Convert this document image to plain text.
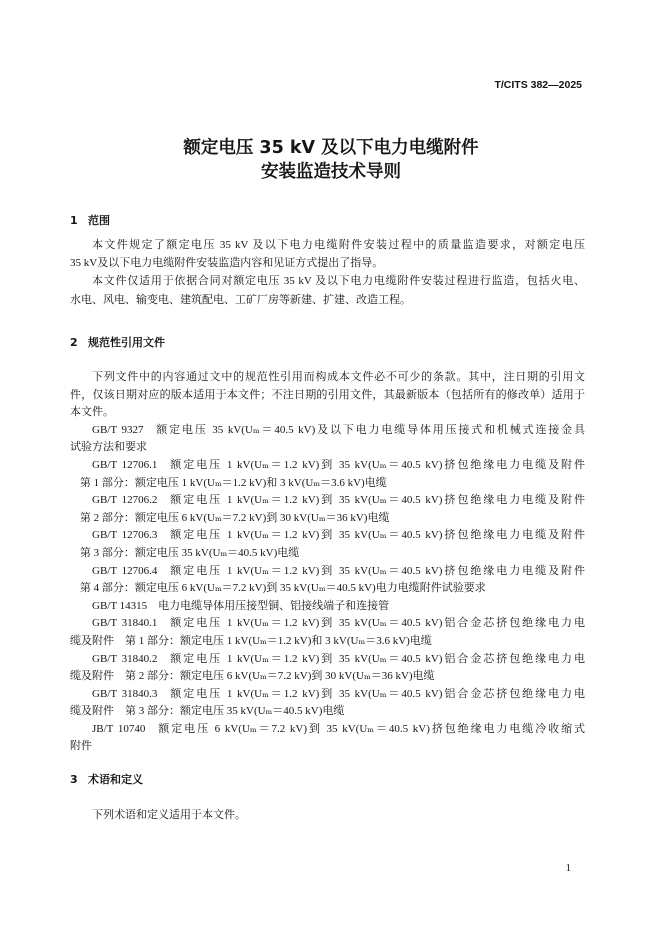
T/CITS 382—2025
额定电压 35 kV 及以下电力电缆附件
安装监造技术导则
1 范围
本文件规定了额定电压 35 kV 及以下电力电缆附件安装过程中的质量监造要求，对额定电压
35 kV及以下电力电缆附件安装监造内容和见证方式提出了指导。
本文件仅适用于依据合同对额定电压 35 kV 及以下电力电缆附件安装过程进行监造，包括火电、
水电、风电、输变电、建筑配电、工矿厂房等新建、扩建、改造工程。
2 规范性引用文件
下列文件中的内容通过文中的规范性引用而构成本文件必不可少的条款。其中，注日期的引用文
件，仅该日期对应的版本适用于本文件；不注日期的引用文件，其最新版本（包括所有的修改单）适用于
本文件。
GB/T 9327 额定电压 35 kV(Uₘ＝40.5 kV)及以下电力电缆导体用压接式和机械式连接金具
试验方法和要求
GB/T 12706.1 额定电压 1 kV(Uₘ＝1.2 kV)到 35 kV(Uₘ＝40.5 kV)挤包绝缘电力电缆及附件
第 1 部分：额定电压 1 kV(Uₘ＝1.2 kV)和 3 kV(Uₘ＝3.6 kV)电缆
GB/T 12706.2 额定电压 1 kV(Uₘ＝1.2 kV)到 35 kV(Uₘ＝40.5 kV)挤包绝缘电力电缆及附件
第 2 部分：额定电压 6 kV(Uₘ＝7.2 kV)到 30 kV(Uₘ＝36 kV)电缆
GB/T 12706.3 额定电压 1 kV(Uₘ＝1.2 kV)到 35 kV(Uₘ＝40.5 kV)挤包绝缘电力电缆及附件
第 3 部分：额定电压 35 kV(Uₘ＝40.5 kV)电缆
GB/T 12706.4 额定电压 1 kV(Uₘ＝1.2 kV)到 35 kV(Uₘ＝40.5 kV)挤包绝缘电力电缆及附件
第 4 部分：额定电压 6 kV(Uₘ＝7.2 kV)到 35 kV(Uₘ＝40.5 kV)电力电缆附件试验要求
GB/T 14315 电力电缆导体用压接型铜、铝接线端子和连接管
GB/T 31840.1 额定电压 1 kV(Uₘ＝1.2 kV)到 35 kV(Uₘ＝40.5 kV)铝合金芯挤包绝缘电力电
缆及附件　第 1 部分：额定电压 1 kV(Uₘ＝1.2 kV)和 3 kV(Uₘ＝3.6 kV)电缆
GB/T 31840.2 额定电压 1 kV(Uₘ＝1.2 kV)到 35 kV(Uₘ＝40.5 kV)铝合金芯挤包绝缘电力电
缆及附件　第 2 部分：额定电压 6 kV(Uₘ＝7.2 kV)到 30 kV(Uₘ＝36 kV)电缆
GB/T 31840.3 额定电压 1 kV(Uₘ＝1.2 kV)到 35 kV(Uₘ＝40.5 kV)铝合金芯挤包绝缘电力电
缆及附件　第 3 部分：额定电压 35 kV(Uₘ＝40.5 kV)电缆
JB/T 10740 额定电压 6 kV(Uₘ＝7.2 kV)到 35 kV(Uₘ＝40.5 kV)挤包绝缘电力电缆冷收缩式
附件
3 术语和定义
下列术语和定义适用于本文件。
1
